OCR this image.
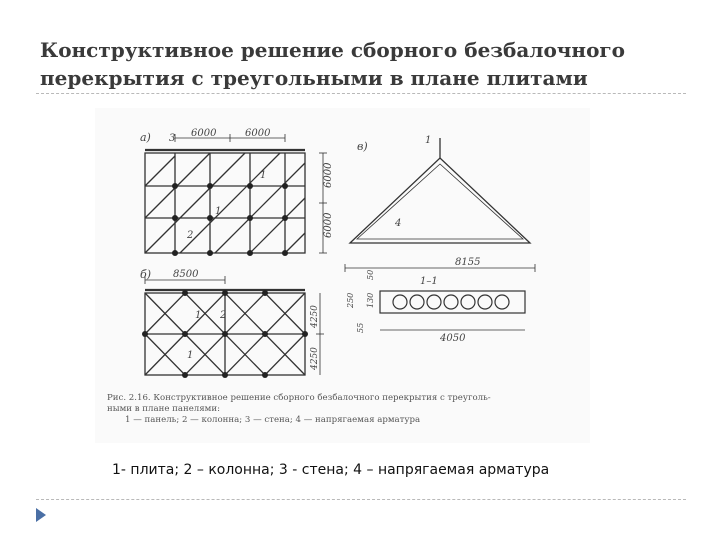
Конструктивное решение сборного безбалочного
перекрытия с треугольными в плане плитами
а) 3 6000	6000
6000
6000
1
1
2
в)	1
4
8155
1–1
4050
250
55
130
50
б) 8500
4250
4250
1 2
1
Рис. 2.16. Конструктивное решение сборного безбалочного перекрытия с треуголь-
ными в плане панелями:
1 — панель; 2 — колонна; 3 — стена; 4 — напрягаемая арматура
1- плита; 2 – колонна; 3 - стена; 4 – напрягаемая арматура
